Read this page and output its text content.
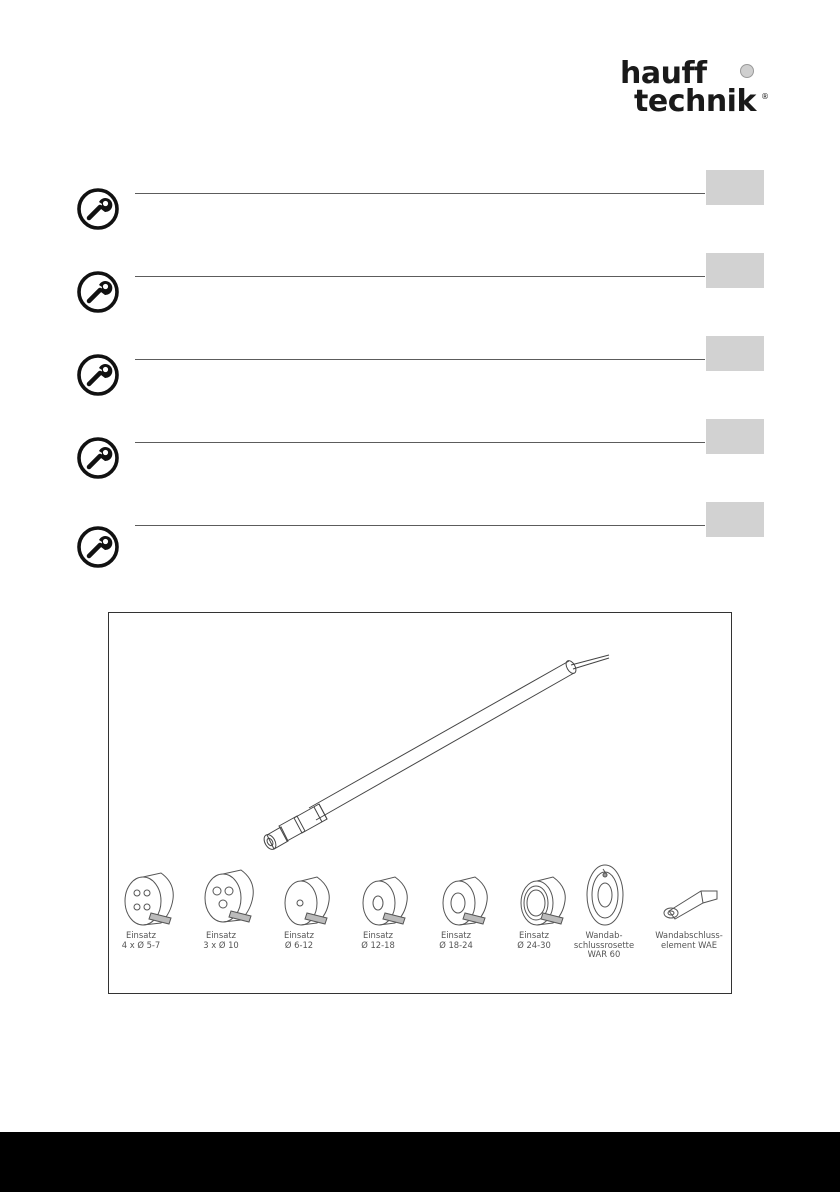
hauff
technik ®
Einsatz
4 x Ø 5-7
Einsatz
3 x Ø 10
Einsatz
Ø 6-12
Einsatz
Ø 12-18
Einsatz
Ø 18-24
Einsatz
Ø 24-30
Wandab-
schlussrosette
WAR 60
Wandabschluss-
element WAE
